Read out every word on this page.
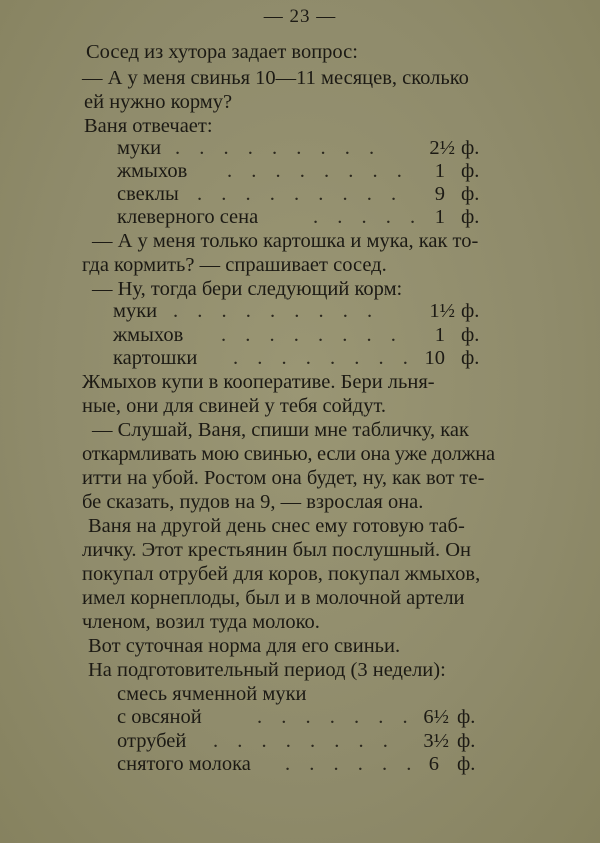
— 23 —
Сосед из хутора задает вопрос:
— А у меня свинья 10—11 месяцев, сколько
ей нужно корму?
Ваня отвечает:
муки . . . . . . . . .	2½ ф.
жмыхов . . . . . . . .	1 ф.
свеклы . . . . . . . . .	9 ф.
клеверного сена	. . . . . 1 ф.
— А у меня только картошка и мука, как то-
гда кормить? — спрашивает сосед.
— Ну, тогда бери следующий корм:
муки . . . . . . . . .	1½ ф.
жмыхов . . . . . . . .	1 ф.
картошки . . . . . . . . 10 ф.
Жмыхов купи в кооперативе. Бери льня-
ные, они для свиней у тебя сойдут.
— Слушай, Ваня, спиши мне табличку, как
откармливать мою свинью, если она уже должна
итти на убой. Ростом она будет, ну, как вот те-
бе сказать, пудов на 9, — взрослая она.
Ваня на другой день снес ему готовую таб-
личку. Этот крестьянин был послушный. Он
покупал отрубей для коров, покупал жмыхов,
имел корнеплоды, был и в молочной артели
членом, возил туда молоко.
Вот суточная норма для его свиньи.
На подготовительный период (3 недели):
смесь ячменной муки
с овсяной	. . . . . . . 6½ ф.
отрубей . . . . . . . .	3½ ф.
снятого молока . . . . . . 6 ф.
